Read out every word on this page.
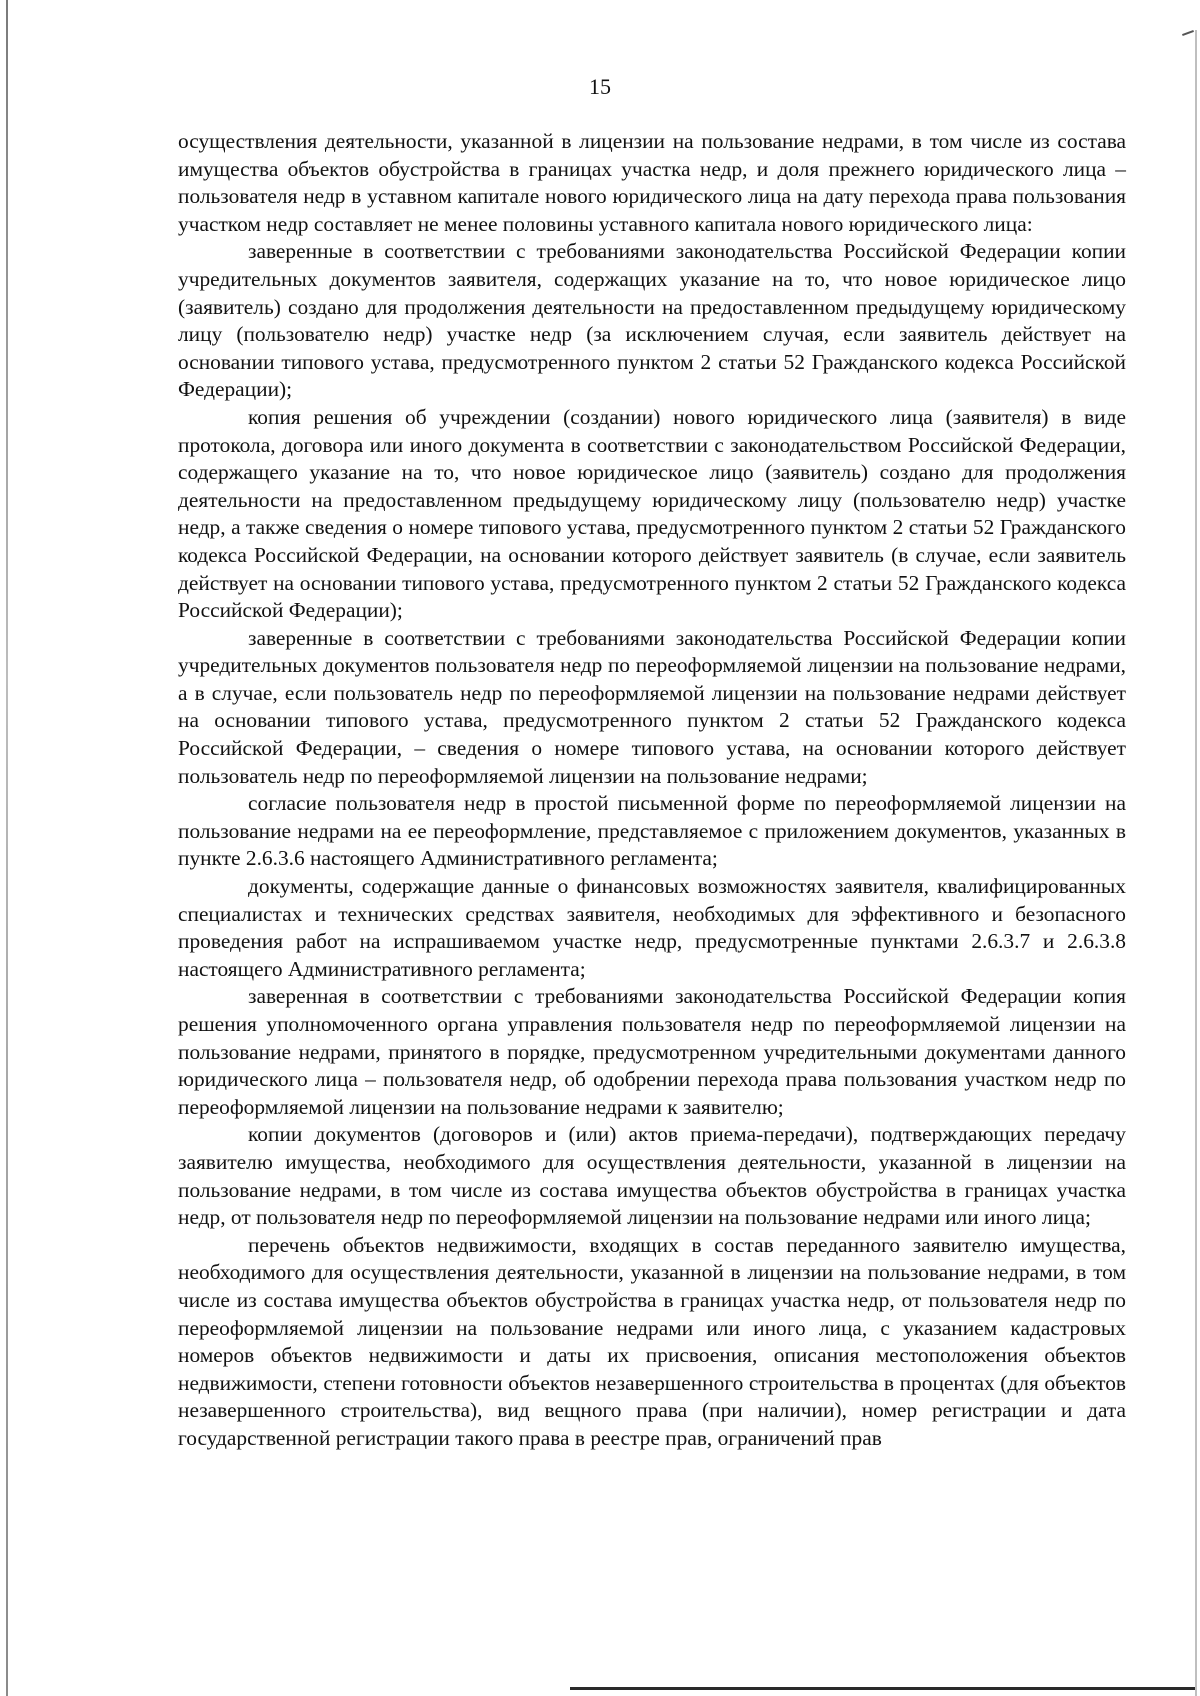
15

осуществления деятельности, указанной в лицензии на пользование недрами, в том числе из состава имущества объектов обустройства в границах участка недр, и доля прежнего юридического лица – пользователя недр в уставном капитале нового юридического лица на дату перехода права пользования участком недр составляет не менее половины уставного капитала нового юридического лица:

заверенные в соответствии с требованиями законодательства Российской Федерации копии учредительных документов заявителя, содержащих указание на то, что новое юридическое лицо (заявитель) создано для продолжения деятельности на предоставленном предыдущему юридическому лицу (пользователю недр) участке недр (за исключением случая, если заявитель действует на основании типового устава, предусмотренного пунктом 2 статьи 52 Гражданского кодекса Российской Федерации);

копия решения об учреждении (создании) нового юридического лица (заявителя) в виде протокола, договора или иного документа в соответствии с законодательством Российской Федерации, содержащего указание на то, что новое юридическое лицо (заявитель) создано для продолжения деятельности на предоставленном предыдущему юридическому лицу (пользователю недр) участке недр, а также сведения о номере типового устава, предусмотренного пунктом 2 статьи 52 Гражданского кодекса Российской Федерации, на основании которого действует заявитель (в случае, если заявитель действует на основании типового устава, предусмотренного пунктом 2 статьи 52 Гражданского кодекса Российской Федерации);

заверенные в соответствии с требованиями законодательства Российской Федерации копии учредительных документов пользователя недр по переоформляемой лицензии на пользование недрами, а в случае, если пользователь недр по переоформляемой лицензии на пользование недрами действует на основании типового устава, предусмотренного пунктом 2 статьи 52 Гражданского кодекса Российской Федерации, – сведения о номере типового устава, на основании которого действует пользователь недр по переоформляемой лицензии на пользование недрами;

согласие пользователя недр в простой письменной форме по переоформляемой лицензии на пользование недрами на ее переоформление, представляемое с приложением документов, указанных в пункте 2.6.3.6 настоящего Административного регламента;

документы, содержащие данные о финансовых возможностях заявителя, квалифицированных специалистах и технических средствах заявителя, необходимых для эффективного и безопасного проведения работ на испрашиваемом участке недр, предусмотренные пунктами 2.6.3.7 и 2.6.3.8 настоящего Административного регламента;

заверенная в соответствии с требованиями законодательства Российской Федерации копия решения уполномоченного органа управления пользователя недр по переоформляемой лицензии на пользование недрами, принятого в порядке, предусмотренном учредительными документами данного юридического лица – пользователя недр, об одобрении перехода права пользования участком недр по переоформляемой лицензии на пользование недрами к заявителю;

копии документов (договоров и (или) актов приема-передачи), подтверждающих передачу заявителю имущества, необходимого для осуществления деятельности, указанной в лицензии на пользование недрами, в том числе из состава имущества объектов обустройства в границах участка недр, от пользователя недр по переоформляемой лицензии на пользование недрами или иного лица;

перечень объектов недвижимости, входящих в состав переданного заявителю имущества, необходимого для осуществления деятельности, указанной в лицензии на пользование недрами, в том числе из состава имущества объектов обустройства в границах участка недр, от пользователя недр по переоформляемой лицензии на пользование недрами или иного лица, с указанием кадастровых номеров объектов недвижимости и даты их присвоения, описания местоположения объектов недвижимости, степени готовности объектов незавершенного строительства в процентах (для объектов незавершенного строительства), вид вещного права (при наличии), номер регистрации и дата государственной регистрации такого права в реестре прав, ограничений прав
